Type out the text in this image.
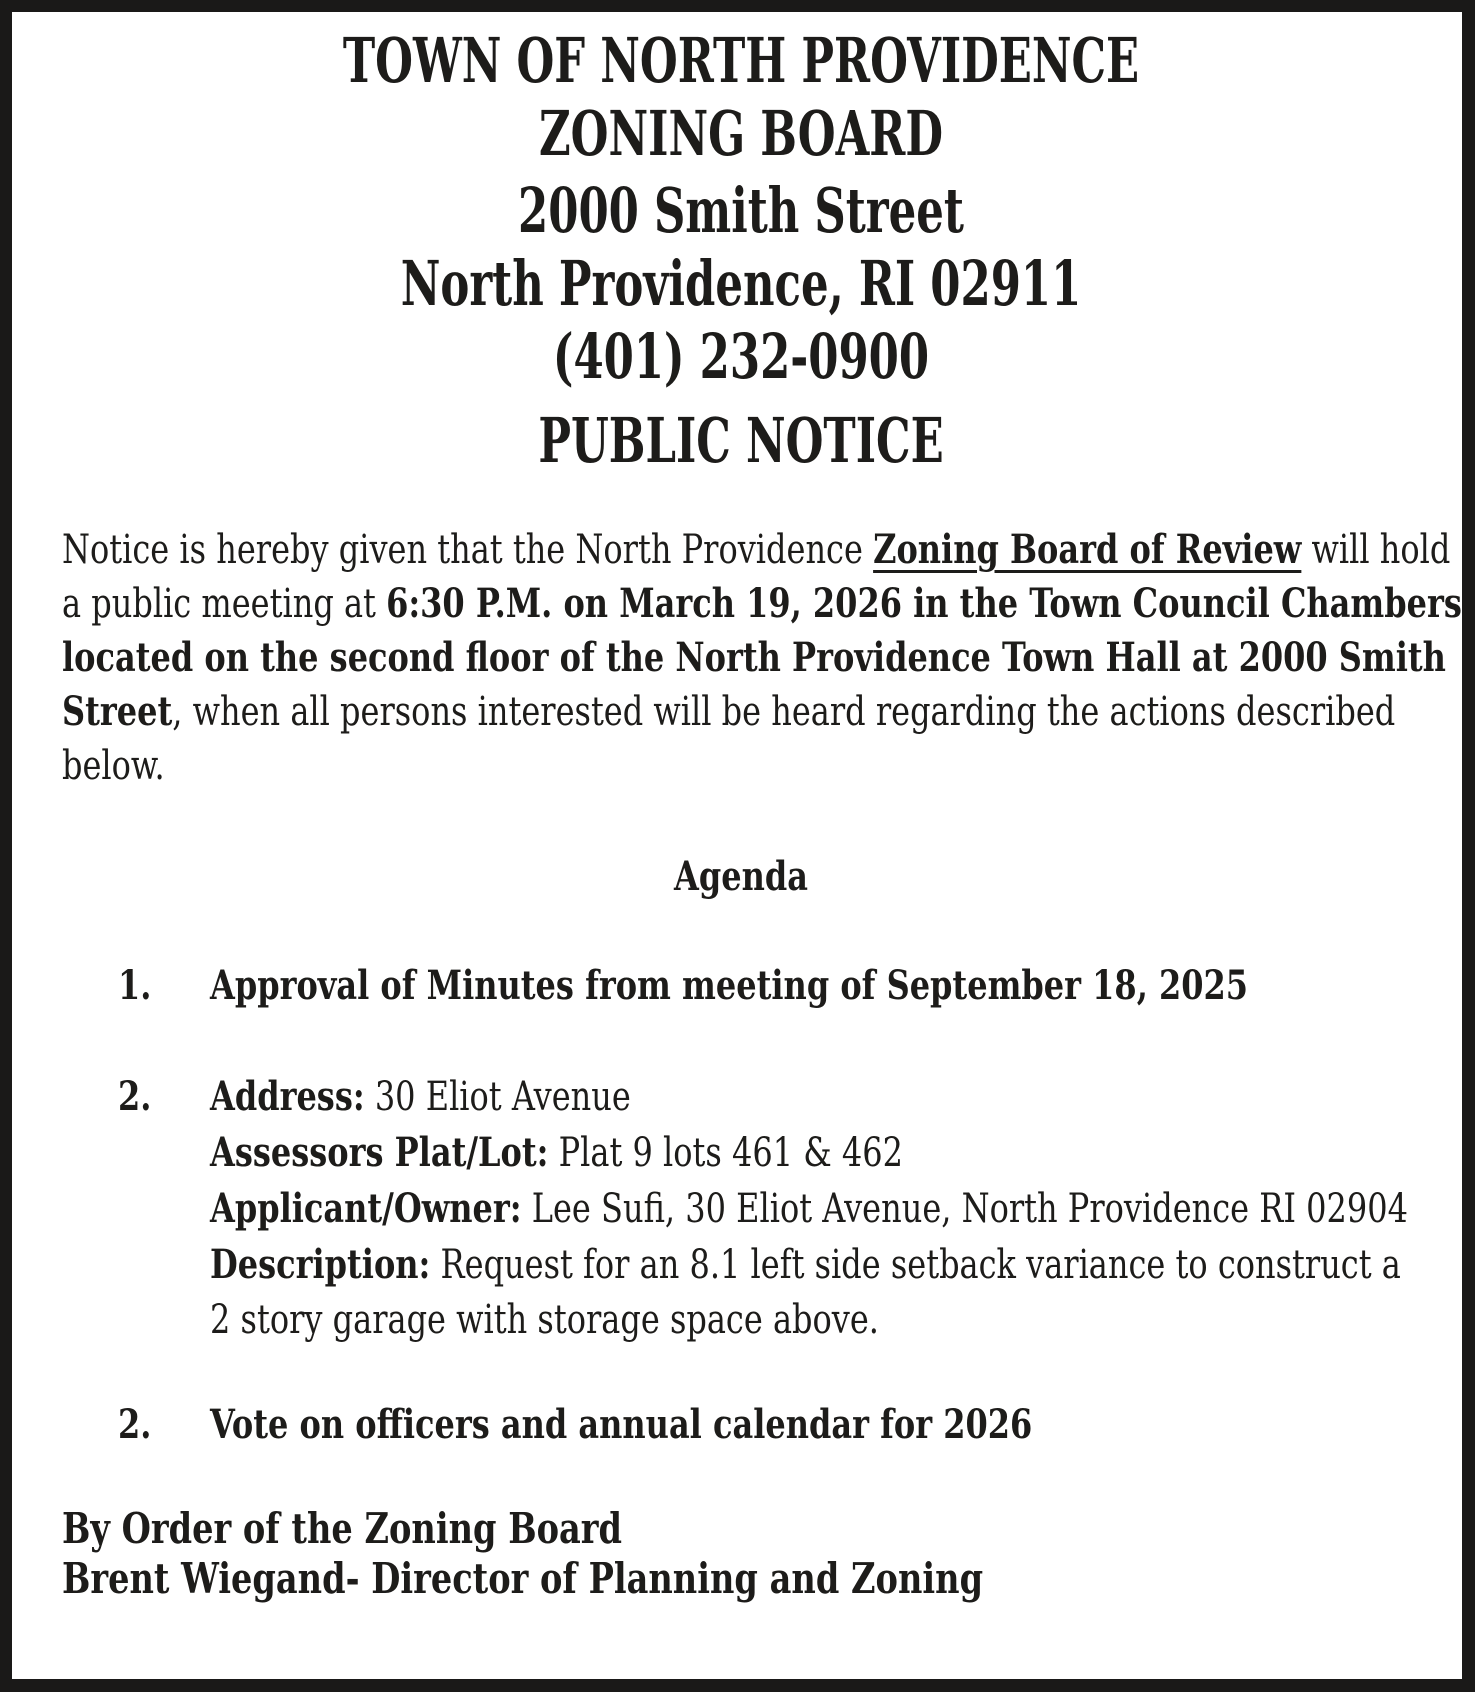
TOWN OF NORTH PROVIDENCE
ZONING BOARD
2000 Smith Street
North Providence, RI 02911
(401) 232-0900
PUBLIC NOTICE
Notice is hereby given that the North Providence Zoning Board of Review will hold
a public meeting at 6:30 P.M. on March 19, 2026 in the Town Council Chambers
located on the second floor of the North Providence Town Hall at 2000 Smith
Street, when all persons interested will be heard regarding the actions described
below.
Agenda
1.	Approval of Minutes from meeting of September 18, 2025
2.	Address: 30 Eliot Avenue
Assessors Plat/Lot: Plat 9 lots 461 & 462
Applicant/Owner: Lee Sufi, 30 Eliot Avenue, North Providence RI 02904
Description: Request for an 8.1 left side setback variance to construct a
2 story garage with storage space above.
2.	Vote on officers and annual calendar for 2026
By Order of the Zoning Board
Brent Wiegand- Director of Planning and Zoning
